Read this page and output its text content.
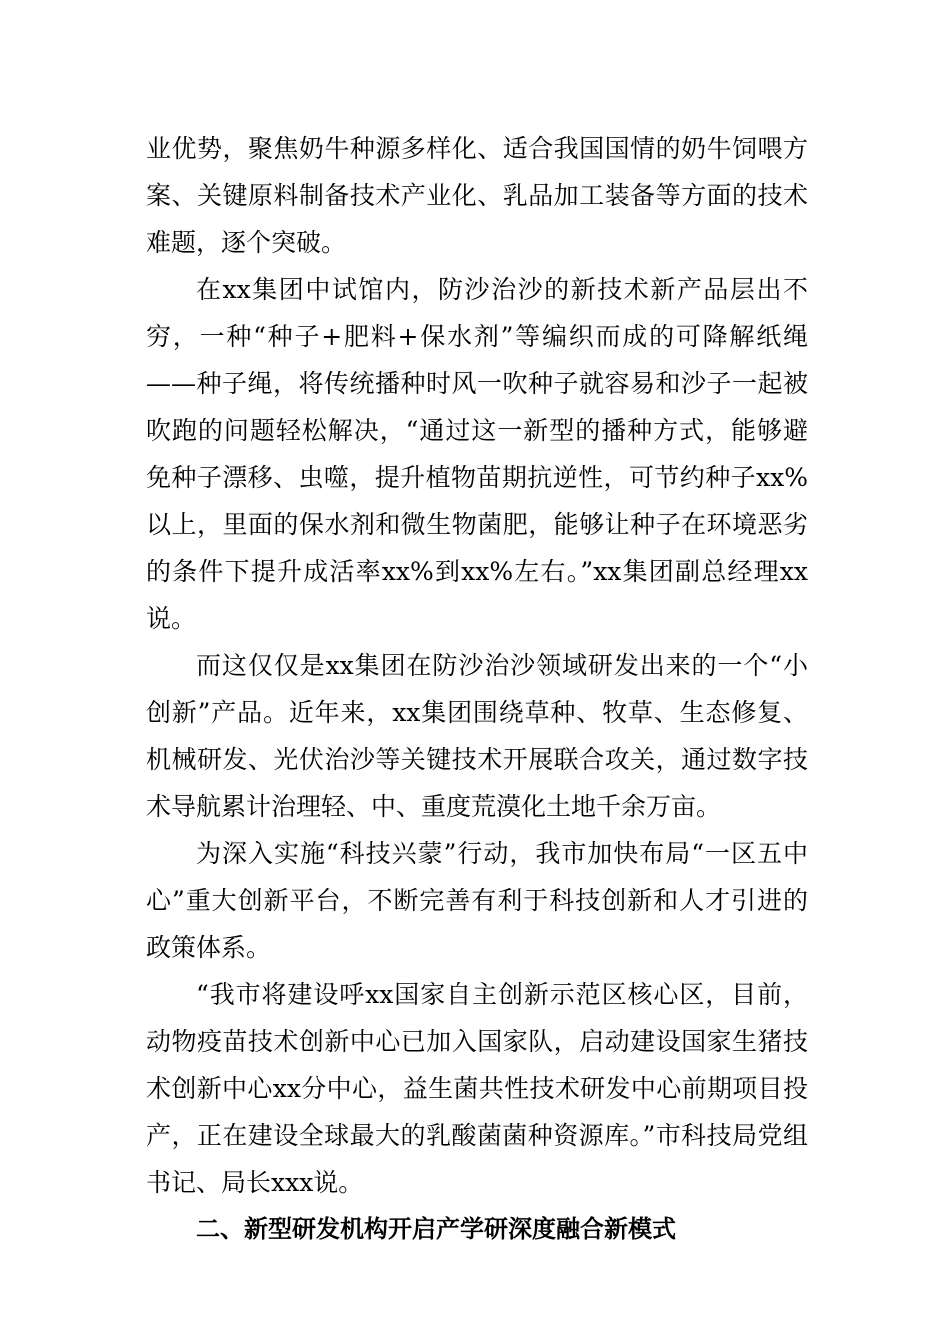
业优势，聚焦奶牛种源多样化、适合我国国情的奶牛饲喂方案、关键原料制备技术产业化、乳品加工装备等方面的技术难题，逐个突破。

在xx集团中试馆内，防沙治沙的新技术新产品层出不穷，一种“种子+肥料+保水剂”等编织而成的可降解纸绳——种子绳，将传统播种时风一吹种子就容易和沙子一起被吹跑的问题轻松解决，“通过这一新型的播种方式，能够避免种子漂移、虫噬，提升植物苗期抗逆性，可节约种子xx%以上，里面的保水剂和微生物菌肥，能够让种子在环境恶劣的条件下提升成活率xx%到xx%左右。”xx集团副总经理xx说。

而这仅仅是xx集团在防沙治沙领域研发出来的一个“小创新”产品。近年来，xx集团围绕草种、牧草、生态修复、机械研发、光伏治沙等关键技术开展联合攻关，通过数字技术导航累计治理轻、中、重度荒漠化土地千余万亩。

为深入实施“科技兴蒙”行动，我市加快布局“一区五中心”重大创新平台，不断完善有利于科技创新和人才引进的政策体系。

“我市将建设呼xx国家自主创新示范区核心区，目前，动物疫苗技术创新中心已加入国家队，启动建设国家生猪技术创新中心xx分中心，益生菌共性技术研发中心前期项目投产，正在建设全球最大的乳酸菌菌种资源库。”市科技局党组书记、局长xxx说。

二、新型研发机构开启产学研深度融合新模式
